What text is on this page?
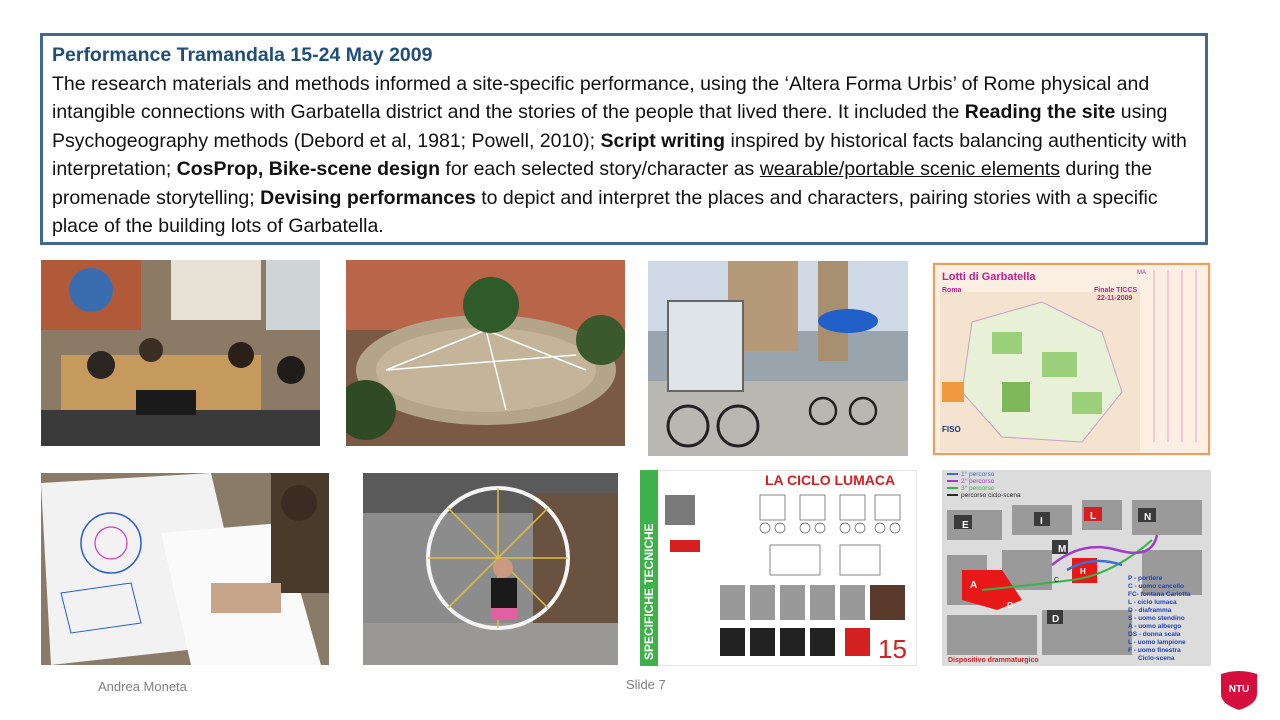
Performance Tramandala 15-24 May 2009

The research materials and methods informed a site-specific performance, using the ‘Altera Forma Urbis’ of Rome physical and intangible connections with Garbatella district and the stories of the people that lived there. It included the Reading the site using Psychogeography methods (Debord et al, 1981; Powell, 2010); Script writing inspired by historical facts balancing authenticity with interpretation; CosProp, Bike-scene design for each selected story/character as wearable/portable scenic elements during the promenade storytelling; Devising performances to depict and interpret the places and characters, pairing stories with a specific place of the building lots of Garbatella.

Lotti di Garbatella
Roma	Finale TICCS
22-11-2009
MA
FISO
SPECIFICHE TECNICHE
LA CICLO LUMACA
15
E	I	L	N
M
A
G
D
C
H
1° percorso
2° percorso
3° percorso
percorso ciclo-scena
P - portiere
C - uomo cancello
FC- fontana Carlotta
L - ciclo lumaca
D - diaframma
S - uomo stendino
A - uomo albergo
DS - donna scala
L - uomo lampione
F - uomo finestra
Ciclo-scena
Dispositivo drammaturgico
Andrea Moneta	Slide 7	NTU
